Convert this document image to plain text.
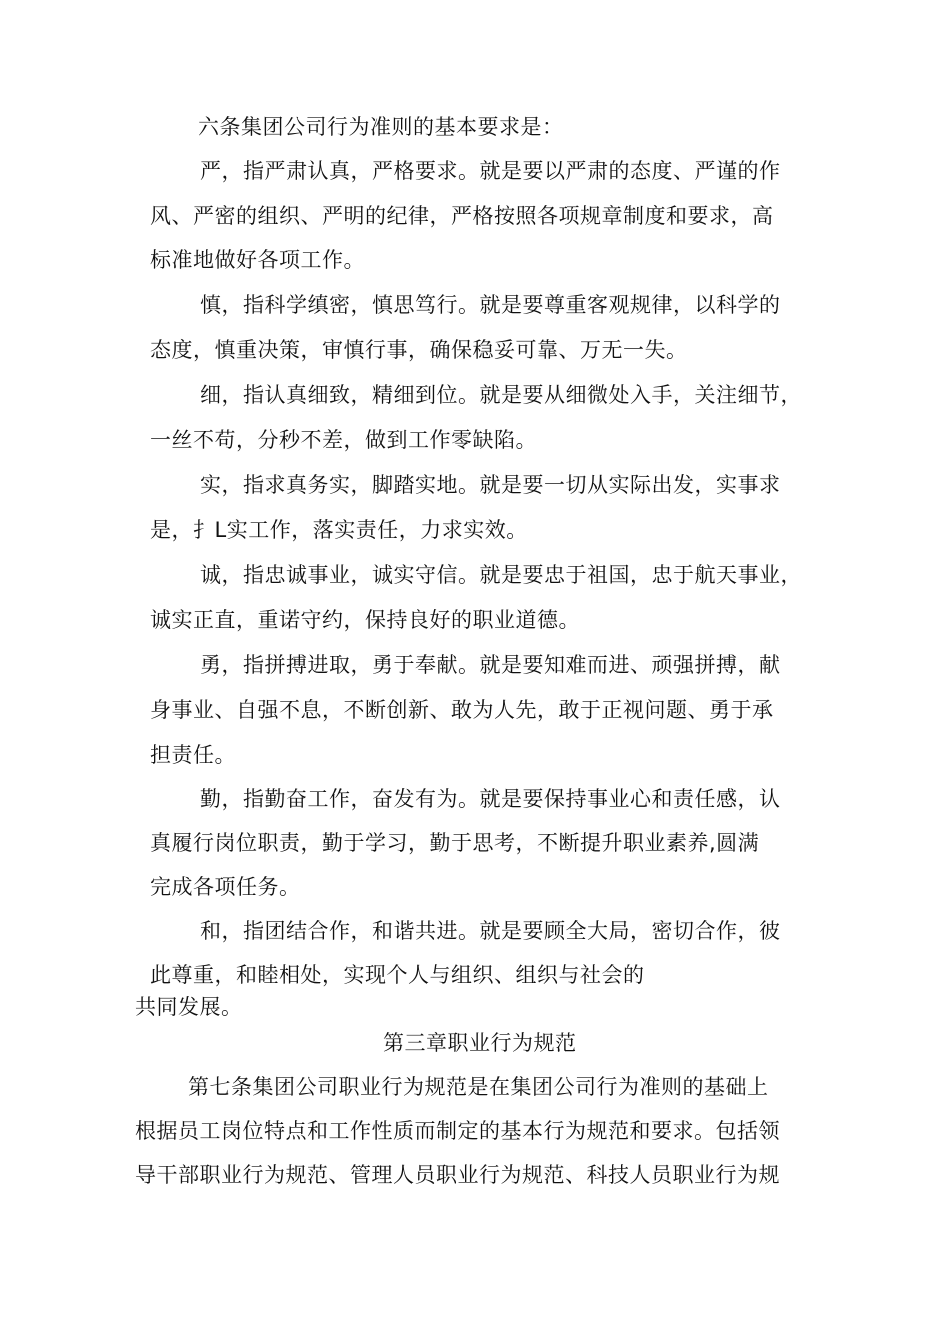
六条集团公司行为准则的基本要求是：
严，指严肃认真，严格要求。就是要以严肃的态度、严谨的作
风、严密的组织、严明的纪律，严格按照各项规章制度和要求，高
标准地做好各项工作。
慎，指科学缜密，慎思笃行。就是要尊重客观规律，以科学的
态度，慎重决策，审慎行事，确保稳妥可靠、万无一失。
细，指认真细致，精细到位。就是要从细微处入手，关注细节，
一丝不苟，分秒不差，做到工作零缺陷。
实，指求真务实，脚踏实地。就是要一切从实际出发，实事求
是，扌L实工作，落实责任，力求实效。
诚，指忠诚事业，诚实守信。就是要忠于祖国，忠于航天事业，
诚实正直，重诺守约，保持良好的职业道德。
勇，指拼搏进取，勇于奉献。就是要知难而进、顽强拼搏，献
身事业、自强不息，不断创新、敢为人先，敢于正视问题、勇于承
担责任。
勤，指勤奋工作，奋发有为。就是要保持事业心和责任感，认
真履行岗位职责，勤于学习，勤于思考，不断提升职业素养,圆满
完成各项任务。
和，指团结合作，和谐共进。就是要顾全大局，密切合作，彼
此尊重，和睦相处，实现个人与组织、组织与社会的
共同发展。
第三章职业行为规范
第七条集团公司职业行为规范是在集团公司行为准则的基础上
根据员工岗位特点和工作性质而制定的基本行为规范和要求。包括领
导干部职业行为规范、管理人员职业行为规范、科技人员职业行为规
